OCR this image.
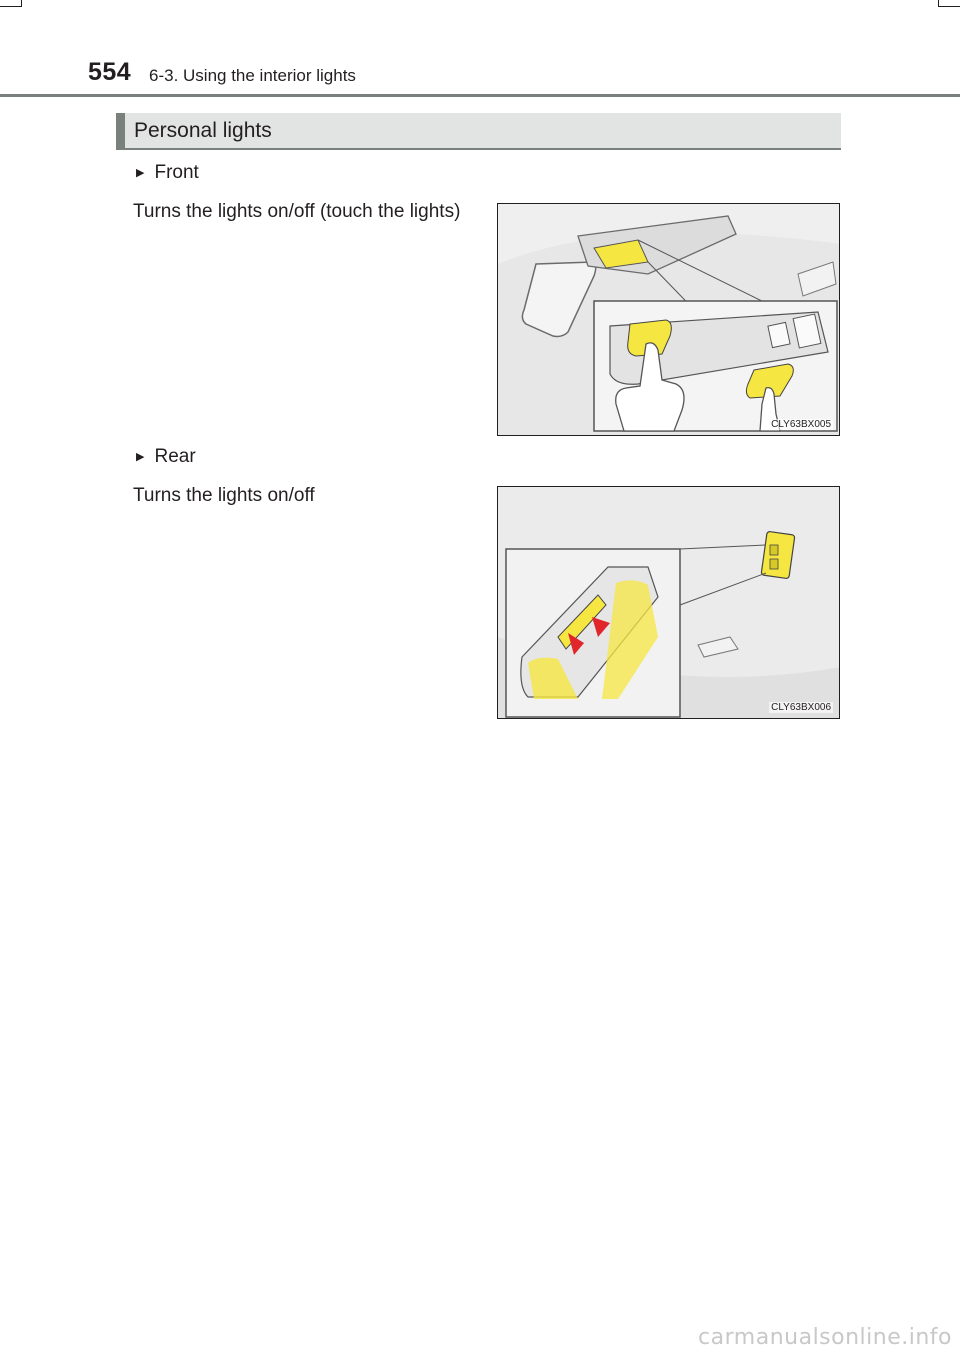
554 6-3. Using the interior lights
Personal lights
▶ Front
Turns the lights on/off (touch the lights)
CLY63BX005
▶ Rear
Turns the lights on/off
CLY63BX006
carmanualsonline.info
